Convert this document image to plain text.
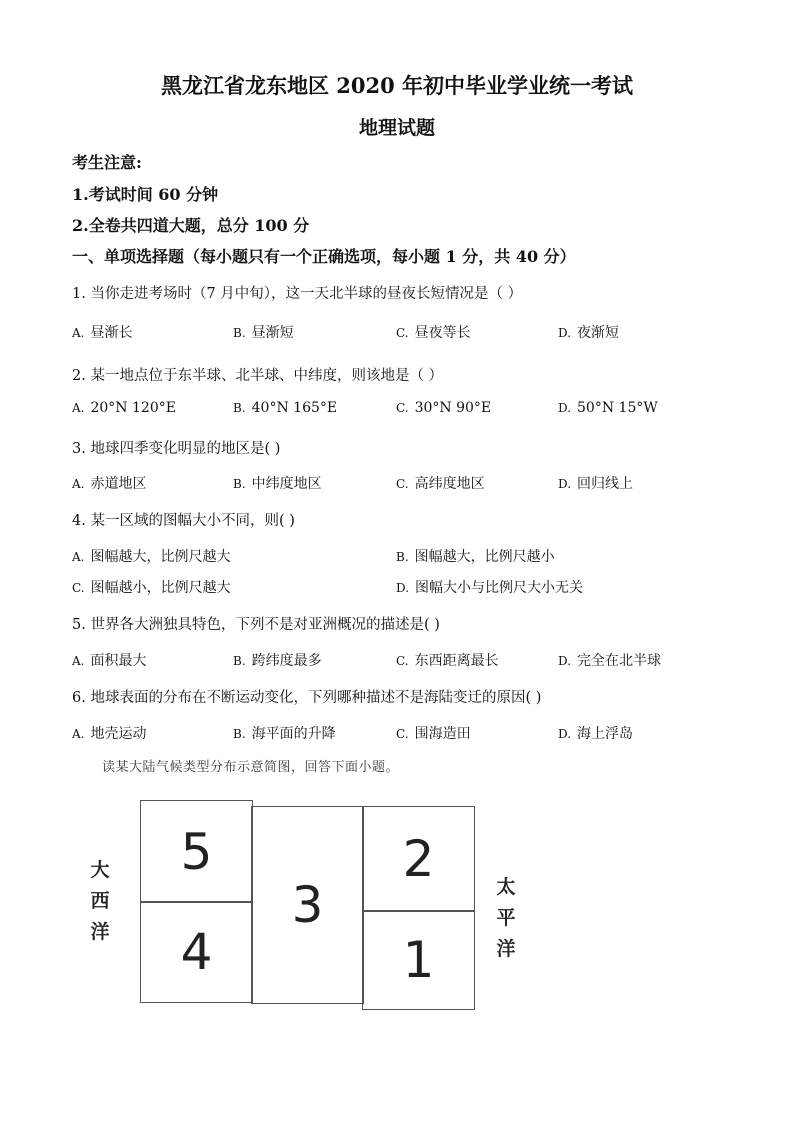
黑龙江省龙东地区 2020 年初中毕业学业统一考试
地理试题
考生注意:
1.考试时间 60 分钟
2.全卷共四道大题，总分 100 分
一、单项选择题（每小题只有一个正确选项，每小题 1 分，共 40 分）
1. 当你走进考场时（7 月中旬），这一天北半球的昼夜长短情况是（ ）
A. 昼渐长	B. 昼渐短	C. 昼夜等长	D. 夜渐短
2. 某一地点位于东半球、北半球、中纬度，则该地是（ ）
A. 20°N 120°E	B. 40°N 165°E	C. 30°N 90°E	D. 50°N 15°W
3. 地球四季变化明显的地区是( )
A. 赤道地区	B. 中纬度地区	C. 高纬度地区	D. 回归线上
4. 某一区域的图幅大小不同，则( )
A. 图幅越大，比例尺越大	B. 图幅越大，比例尺越小
C. 图幅越小，比例尺越大	D. 图幅大小与比例尺大小无关
5. 世界各大洲独具特色，下列不是对亚洲概况的描述是( )
A. 面积最大	B. 跨纬度最多	C. 东西距离最长	D. 完全在北半球
6. 地球表面的分布在不断运动变化，下列哪种描述不是海陆变迁的原因( )
A. 地壳运动	B. 海平面的升降	C. 围海造田	D. 海上浮岛
读某大陆气候类型分布示意简图，回答下面小题。
大
西
洋
5
4
3
2
1
太
平
洋
